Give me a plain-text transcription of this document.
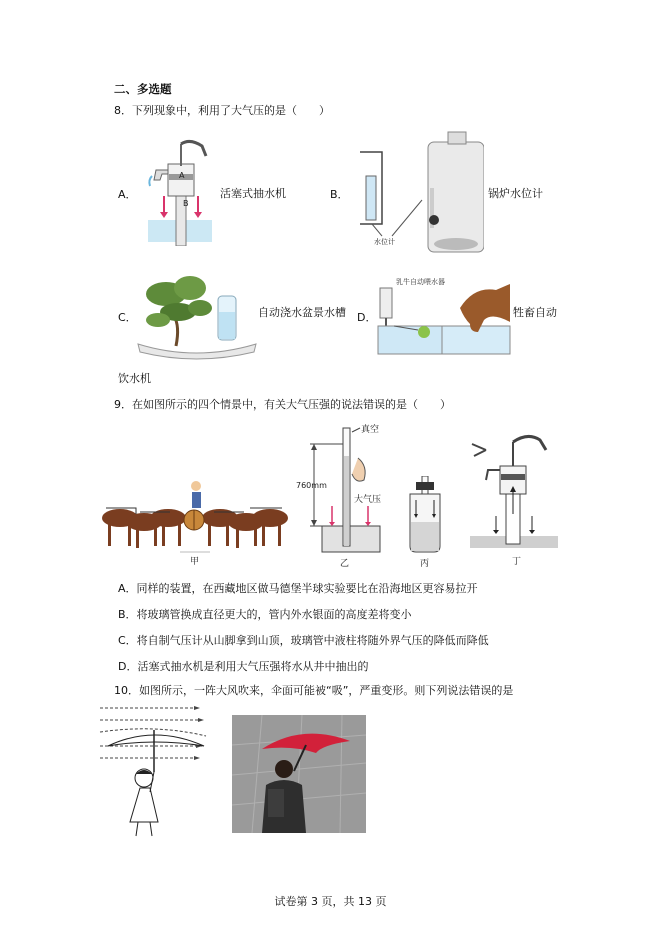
二、多选题
8．下列现象中，利用了大气压的是（　　）
A．
A
B
活塞式抽水机	B．
水位计
锅炉水位计
C．	自动浇水盆景水槽 D．
乳牛自动喂水器
牲畜自动
饮水机
9．在如图所示的四个情景中，有关大气压强的说法错误的是（　　）
甲
真空
760mm
大气压
乙	丙	丁
A．同样的装置，在西藏地区做马德堡半球实验要比在沿海地区更容易拉开
B．将玻璃管换成直径更大的，管内外水银面的高度差将变小
C．将自制气压计从山脚拿到山顶，玻璃管中液柱将随外界气压的降低而降低
D．活塞式抽水机是利用大气压强将水从井中抽出的
10．如图所示，一阵大风吹来，伞面可能被“吸”，严重变形。则下列说法错误的是
试卷第 3 页，共 13 页
